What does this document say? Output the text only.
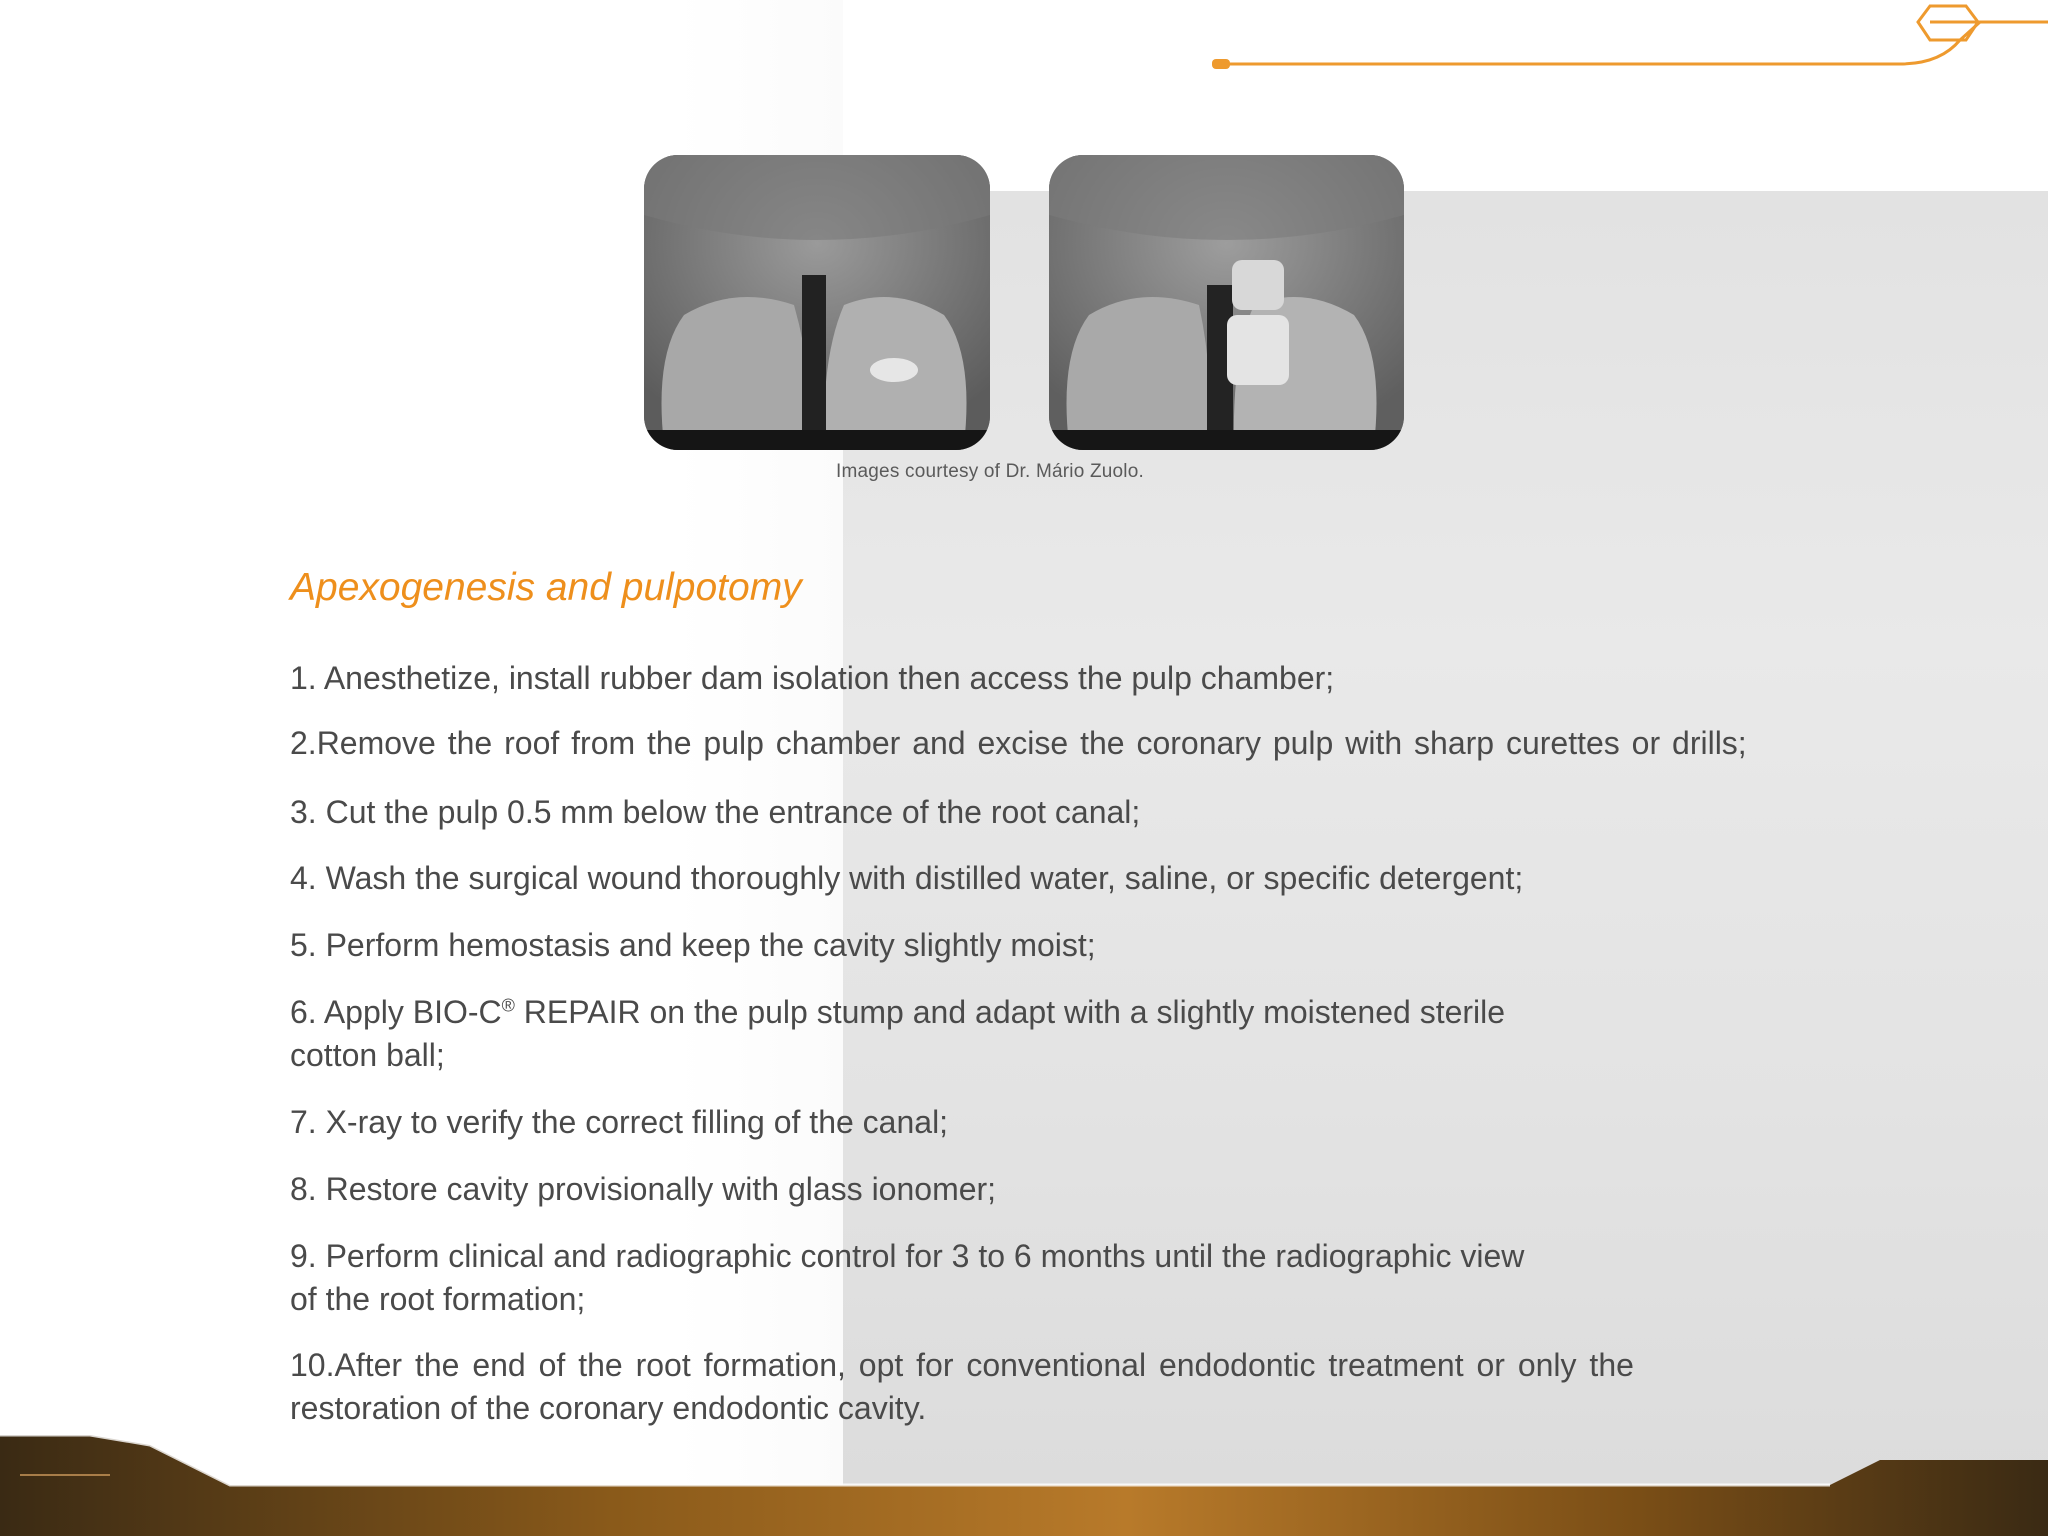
Images courtesy of Dr. Mário Zuolo.
Apexogenesis and pulpotomy
1. Anesthetize, install rubber dam isolation then access the pulp chamber;
2.Remove the roof from the pulp chamber and excise the coronary pulp with sharp curettes or drills;
3. Cut the pulp 0.5 mm below the entrance of the root canal;
4. Wash the surgical wound thoroughly with distilled water, saline, or specific detergent;
5. Perform hemostasis and keep the cavity slightly moist;
6. Apply BIO-C® REPAIR on the pulp stump and adapt with a slightly moistened sterile
cotton ball;
7. X-ray to verify the correct filling of the canal;
8. Restore cavity provisionally with glass ionomer;
9. Perform clinical and radiographic control for 3 to 6 months until the radiographic view
of the root formation;
10.After the end of the root formation, opt for conventional endodontic treatment or only the
restoration of the coronary endodontic cavity.
